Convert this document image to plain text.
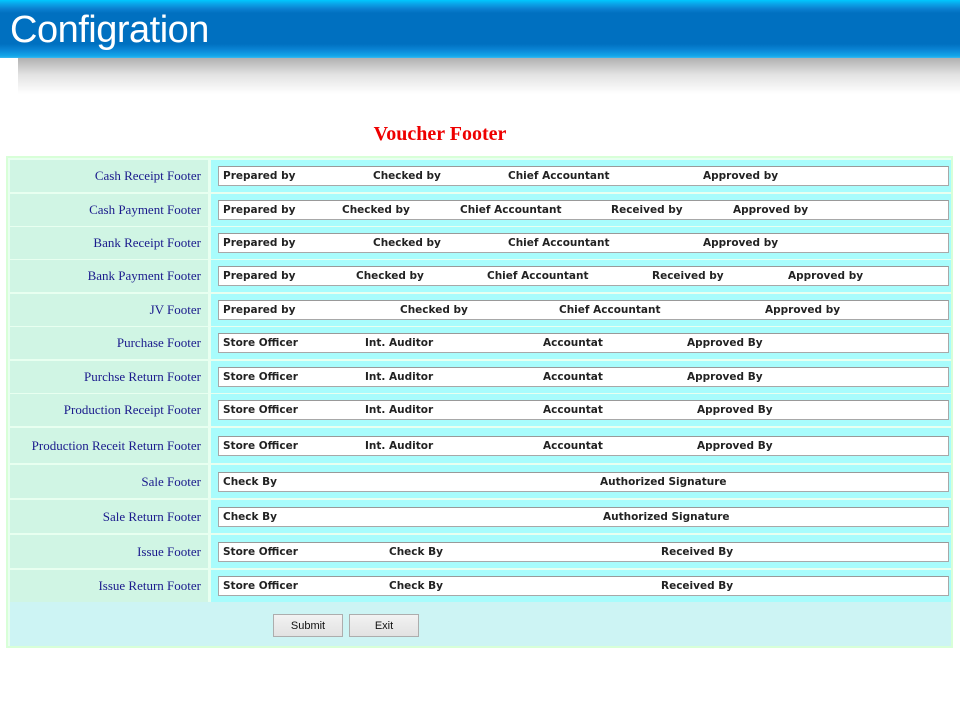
Configration
Voucher Footer
Cash Receipt Footer

	Prepared by

	Checked by

	Chief Accountant

	Approved by

Cash Payment Footer

	Prepared by

	Checked by

	Chief Accountant

	Received by

	Approved by

Bank Receipt Footer

	Prepared by

	Checked by

	Chief Accountant

	Approved by

Bank Payment Footer

	Prepared by

	Checked by

	Chief Accountant

	Received by

	Approved by

JV Footer

	Prepared by

	Checked by

	Chief Accountant

	Approved by

Purchase Footer

	Store Officer

	Int. Auditor

	Accountat

	Approved By

Purchse Return Footer

	Store Officer

	Int. Auditor

	Accountat

	Approved By

Production Receipt Footer

	Store Officer

	Int. Auditor

	Accountat

	Approved By

Production Receit Return Footer

	Store Officer

	Int. Auditor

	Accountat

	Approved By

Sale Footer

	Check By

	Authorized Signature

Sale Return Footer

	Check By

	Authorized Signature

Issue Footer

	Store Officer

	Check By

	Received By

Issue Return Footer

	Store Officer

	Check By

	Received By

Submit	Exit
